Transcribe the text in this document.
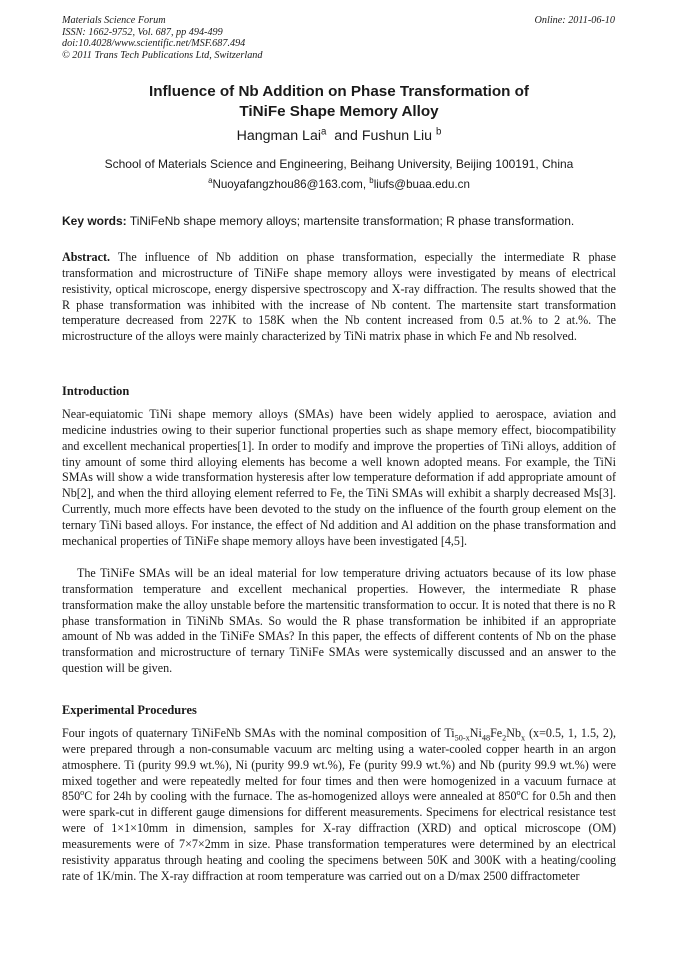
Materials Science Forum
ISSN: 1662-9752, Vol. 687, pp 494-499
doi:10.4028/www.scientific.net/MSF.687.494
© 2011 Trans Tech Publications Ltd, Switzerland
Online: 2011-06-10
Influence of Nb Addition on Phase Transformation of
TiNiFe Shape Memory Alloy
Hangman Lai$^a$ and Fushun Liu $^b$
School of Materials Science and Engineering, Beihang University, Beijing 100191, China
$^a$Nuoyafangzhou86@163.com, $^b$liufs@buaa.edu.cn
Key words: TiNiFeNb shape memory alloys; martensite transformation; R phase transformation.

Abstract. The influence of Nb addition on phase transformation, especially the intermediate R phase transformation and microstructure of TiNiFe shape memory alloys were investigated by means of electrical resistivity, optical microscope, energy dispersive spectroscopy and X-ray diffraction. The results showed that the R phase transformation was inhibited with the increase of Nb content. The martensite start transformation temperature decreased from 227K to 158K when the Nb content increased from 0.5 at.% to 2 at.%. The microstructure of the alloys were mainly characterized by TiNi matrix phase in which Fe and Nb resolved.

Introduction

Near-equiatomic TiNi shape memory alloys (SMAs) have been widely applied to aerospace, aviation and medicine industries owing to their superior functional properties such as shape memory effect, biocompatibility and excellent mechanical properties[1]. In order to modify and improve the properties of TiNi alloys, addition of tiny amount of some third alloying elements has become a well known adopted means. For example, the TiNi SMAs will show a wide transformation hysteresis after low temperature deformation if add appropriate amount of Nb[2], and when the third alloying element referred to Fe, the TiNi SMAs will exhibit a sharply decreased Ms[3]. Currently, much more effects have been devoted to the study on the influence of the fourth group element on the ternary TiNi based alloys. For instance, the effect of Nd addition and Al addition on the phase transformation and mechanical properties of TiNiFe shape memory alloys have been investigated [4,5].

The TiNiFe SMAs will be an ideal material for low temperature driving actuators because of its low phase transformation temperature and excellent mechanical properties. However, the intermediate R phase transformation make the alloy unstable before the martensitic transformation to occur. It is noted that there is no R phase transformation in TiNiNb SMAs. So would the R phase transformation be inhibited if an appropriate amount of Nb was added in the TiNiFe SMAs? In this paper, the effects of different contents of Nb on the phase transformation and microstructure of ternary TiNiFe SMAs were systemically discussed and an answer to the question will be given.

Experimental Procedures

Four ingots of quaternary TiNiFeNb SMAs with the nominal composition of $Ti_{50-x}Ni_{48}Fe_2Nb_x$ (x=0.5, 1, 1.5, 2), were prepared through a non-consumable vacuum arc melting using a water-cooled copper hearth in an argon atmosphere. Ti (purity 99.9 wt.%), Ni (purity 99.9 wt.%), Fe (purity 99.9 wt.%) and Nb (purity 99.9 wt.%) were mixed together and were repeatedly melted for four times and then were homogenized in a vacuum furnace at 850$^o$C for 24h by cooling with the furnace. The as-homogenized alloys were annealed at 850$^o$C for 0.5h and then were spark-cut in different gauge dimensions for different measurements. Specimens for electrical resistance test were of 1×1×10mm in dimension, samples for X-ray diffraction (XRD) and optical microscope (OM) measurements were of 7×7×2mm in size. Phase transformation temperatures were determined by an electrical resistivity apparatus through heating and cooling the specimens between 50K and 300K with a heating/cooling rate of 1K/min. The X-ray diffraction at room temperature was carried out on a D/max 2500 diffractometer
